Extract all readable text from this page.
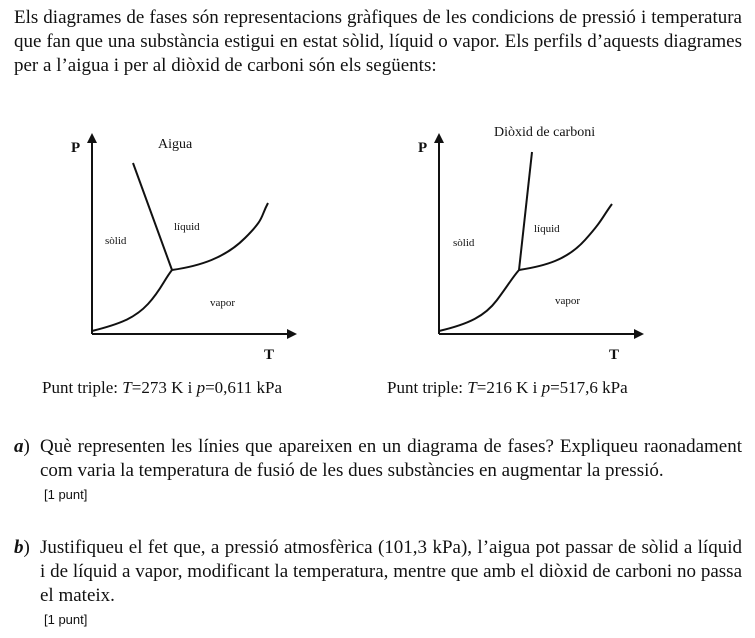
Els diagrames de fases són representacions gràfiques de les condicions de pressió i temperatura que fan que una substància estigui en estat sòlid, líquid o vapor. Els perfils d’aquests diagrames per a l’aigua i per al diòxid de carboni són els següents:

P
T
Aigua
sòlid
líquid
vapor
P
T
Diòxid de carboni
sòlid
líquid
vapor
Punt triple: T=273 K i p=0,611 kPa	Punt triple: T=216 K i p=517,6 kPa
a) Què representen les línies que apareixen en un diagrama de fases? Expliqueu raonadament com varia la temperatura de fusió de les dues substàncies en augmentar la pressió.
[1 punt]
b) Justifiqueu el fet que, a pressió atmosfèrica (101,3 kPa), l’aigua pot passar de sòlid a líquid i de líquid a vapor, modificant la temperatura, mentre que amb el diòxid de carboni no passa el mateix.
[1 punt]
